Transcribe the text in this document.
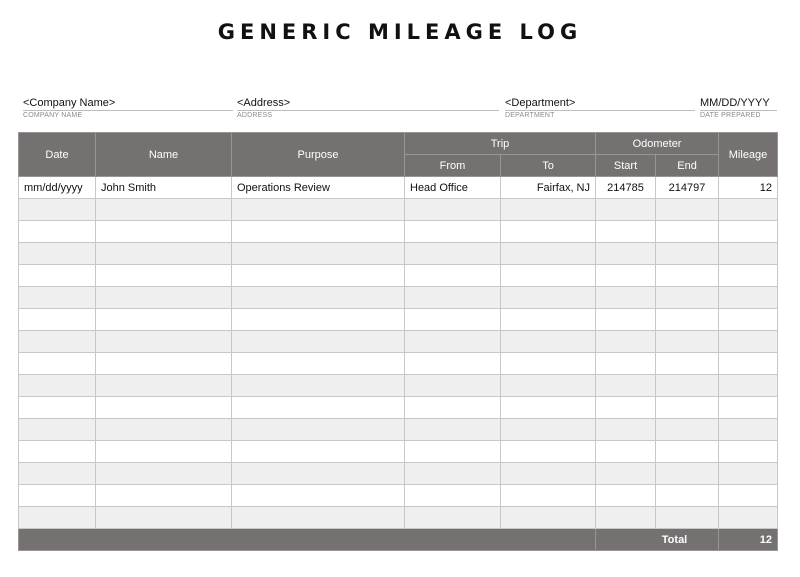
GENERIC MILEAGE LOG
<Company Name>
COMPANY NAME
<Address>
ADDRESS
<Department>
DEPARTMENT
MM/DD/YYYY
DATE PREPARED
Date	Name	Purpose	Trip		Odometer		Mileage
			From	To	Start	End	
mm/dd/yyyy	John Smith	Operations Review	Head Office	Fairfax, NJ	214785	214797	12

					Total		12
